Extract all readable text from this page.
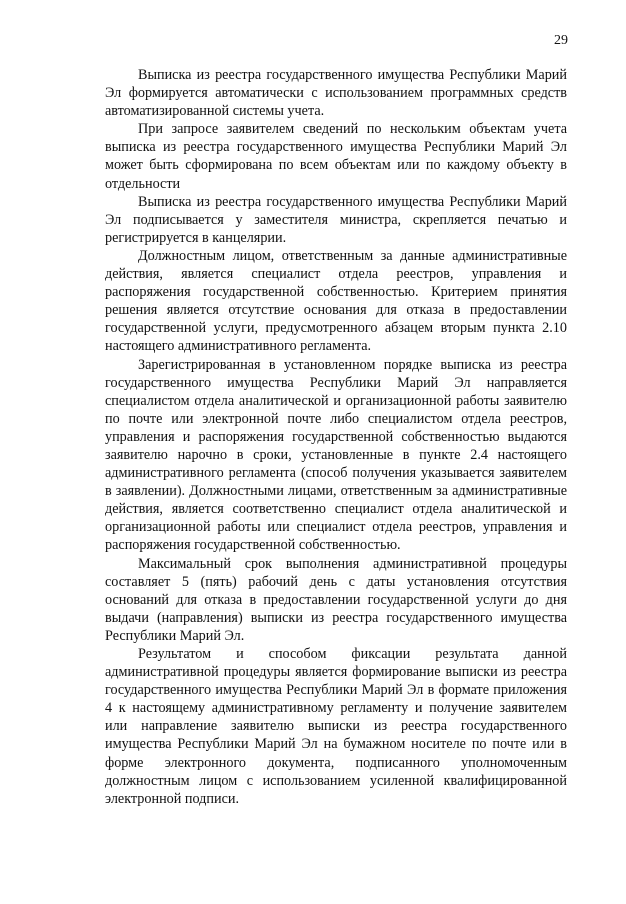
29

Выписка из реестра государственного имущества Республики Марий Эл формируется автоматически с использованием программных средств автоматизированной системы учета.

При запросе заявителем сведений по нескольким объектам учета выписка из реестра государственного имущества Республики Марий Эл может быть сформирована по всем объектам или по каждому объекту в отдельности

Выписка из реестра государственного имущества Республики Марий Эл подписывается у заместителя министра, скрепляется печатью и регистрируется в канцелярии.

Должностным лицом, ответственным за данные административные действия, является специалист отдела реестров, управления и распоряжения государственной собственностью. Критерием принятия решения является отсутствие основания для отказа в предоставлении государственной услуги, предусмотренного абзацем вторым пункта 2.10 настоящего административного регламента.

Зарегистрированная в установленном порядке выписка из реестра государственного имущества Республики Марий Эл направляется специалистом отдела аналитической и организационной работы заявителю по почте или электронной почте либо специалистом отдела реестров, управления и распоряжения государственной собственностью выдаются заявителю нарочно в сроки, установленные в пункте 2.4 настоящего административного регламента (способ получения указывается заявителем в заявлении). Должностными лицами, ответственным за административные действия, является соответственно специалист отдела аналитической и организационной работы или специалист отдела реестров, управления и распоряжения государственной собственностью.

Максимальный срок выполнения административной процедуры составляет 5 (пять) рабочий день с даты установления отсутствия оснований для отказа в предоставлении государственной услуги до дня выдачи (направления) выписки из реестра государственного имущества Республики Марий Эл.

Результатом и способом фиксации результата данной административной процедуры является формирование выписки из реестра государственного имущества Республики Марий Эл в формате приложения 4 к настоящему административному регламенту и получение заявителем или направление заявителю выписки из реестра государственного имущества Республики Марий Эл на бумажном носителе по почте или в форме электронного документа, подписанного уполномоченным должностным лицом с использованием усиленной квалифицированной электронной подписи.
